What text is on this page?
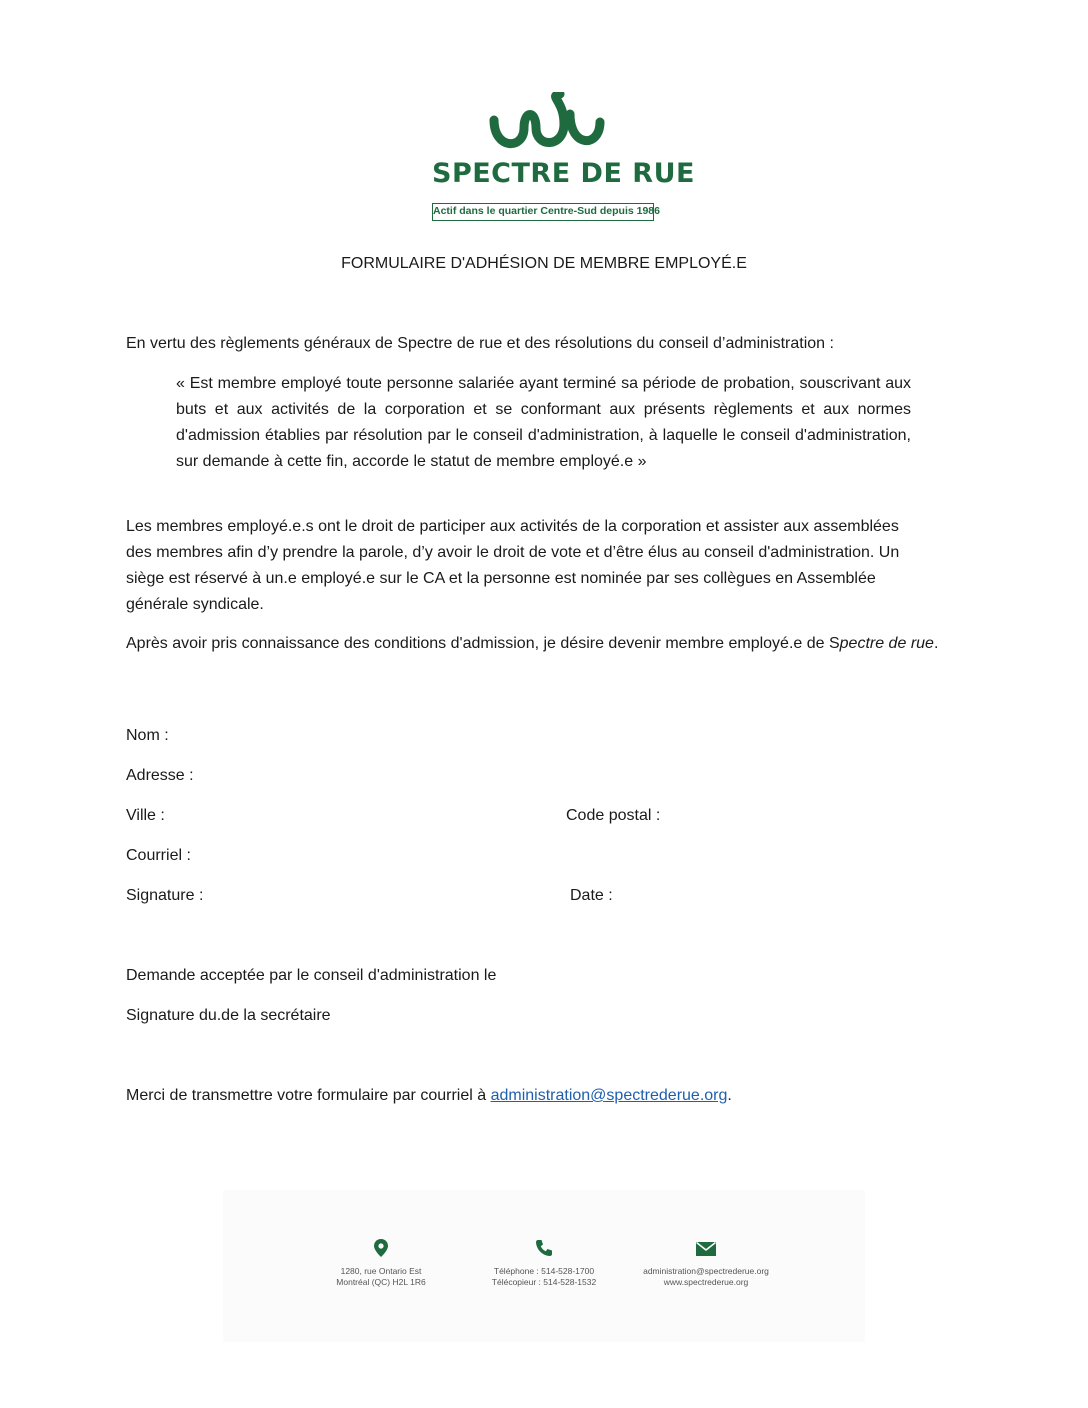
SPECTRE DE RUE
Actif dans le quartier Centre-Sud depuis 1986
FORMULAIRE D'ADHÉSION DE MEMBRE EMPLOYÉ.E

En vertu des règlements généraux de Spectre de rue et des résolutions du conseil d’administration :

« Est membre employé toute personne salariée ayant terminé sa période de probation, souscrivant aux buts et aux activités de la corporation et se conformant aux présents règlements et aux normes d'admission établies par résolution par le conseil d'administration, à laquelle le conseil d'administration, sur demande à cette fin, accorde le statut de membre employé.e »

Les membres employé.e.s ont le droit de participer aux activités de la corporation et assister aux assemblées des membres afin d’y prendre la parole, d’y avoir le droit de vote et d’être élus au conseil d'administration. Un siège est réservé à un.e employé.e sur le CA et la personne est nominée par ses collègues en Assemblée générale syndicale.

Après avoir pris connaissance des conditions d'admission, je désire devenir membre employé.e de Spectre de rue.

Nom :
Adresse :
Ville :	Code postal :
Courriel :
Signature :	Date :
Demande acceptée par le conseil d'administration le
Signature du.de la secrétaire
Merci de transmettre votre formulaire par courriel à administration@spectrederue.org.
1280, rue Ontario Est
Montréal (QC) H2L 1R6
Téléphone : 514-528-1700
Télécopieur : 514-528-1532
administration@spectrederue.org
www.spectrederue.org
